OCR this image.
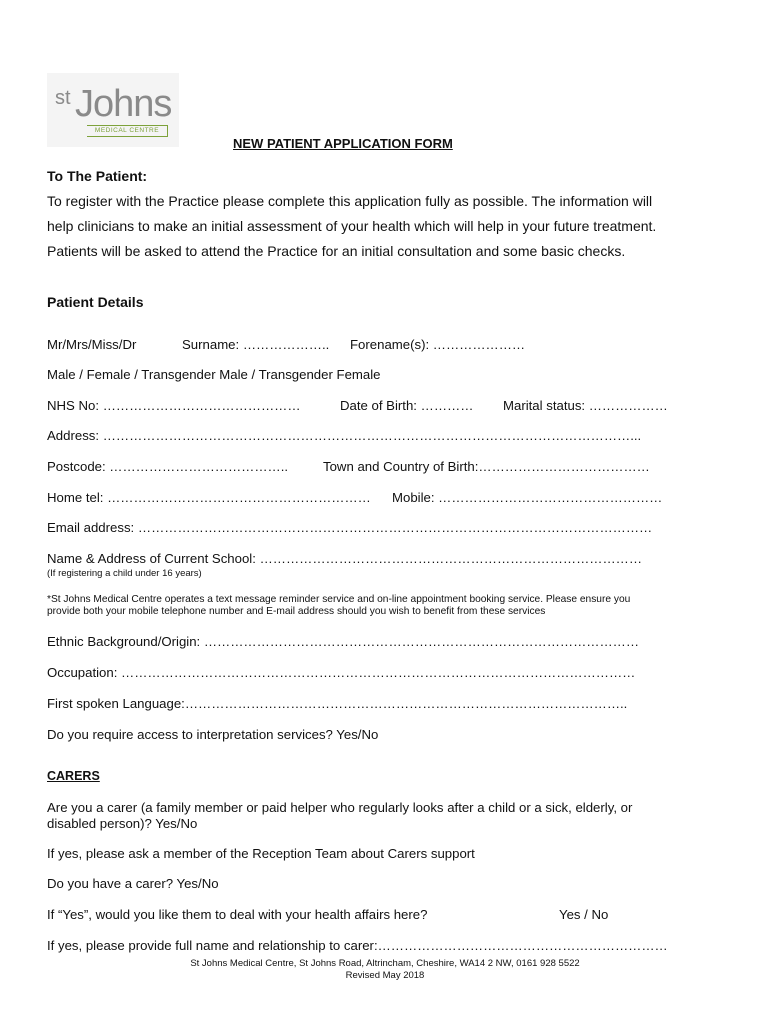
st Johns
MEDICAL CENTRE
NEW PATIENT APPLICATION FORM
To The Patient:
To register with the Practice please complete this application fully as possible. The information will
help clinicians to make an initial assessment of your health which will help in your future treatment.
Patients will be asked to attend the Practice for an initial consultation and some basic checks.
Patient Details
Mr/Mrs/Miss/Dr	Surname: ……………….. Forename(s): …………………
Male / Female / Transgender Male / Transgender Female
NHS No: ………………………………………	Date of Birth: ………… Marital status: ………………
Address: …………………………………………………………………………………………………………...
Postcode: …………………………………..	Town and Country of Birth:…………………………………
Home tel: …………………………………………………… Mobile: ……………………………………………
Email address: ………………………………………………………………………………………………………
Name & Address of Current School: ……………………………………………………………………………
(If registering a child under 16 years)
*St Johns Medical Centre operates a text message reminder service and on-line appointment booking service. Please ensure you
provide both your mobile telephone number and E-mail address should you wish to benefit from these services
Ethnic Background/Origin: ………………………………………………………………………………………
Occupation: ………………………………………………………………………………………………………
First spoken Language:………………………………………………………………………………………..
Do you require access to interpretation services? Yes/No
CARERS
Are you a carer (a family member or paid helper who regularly looks after a child or a sick, elderly, or
disabled person)? Yes/No
If yes, please ask a member of the Reception Team about Carers support
Do you have a carer? Yes/No
If “Yes”, would you like them to deal with your health affairs here?	Yes / No
If yes, please provide full name and relationship to carer:…………………………………………………………
St Johns Medical Centre, St Johns Road, Altrincham, Cheshire, WA14 2 NW, 0161 928 5522
Revised May 2018
